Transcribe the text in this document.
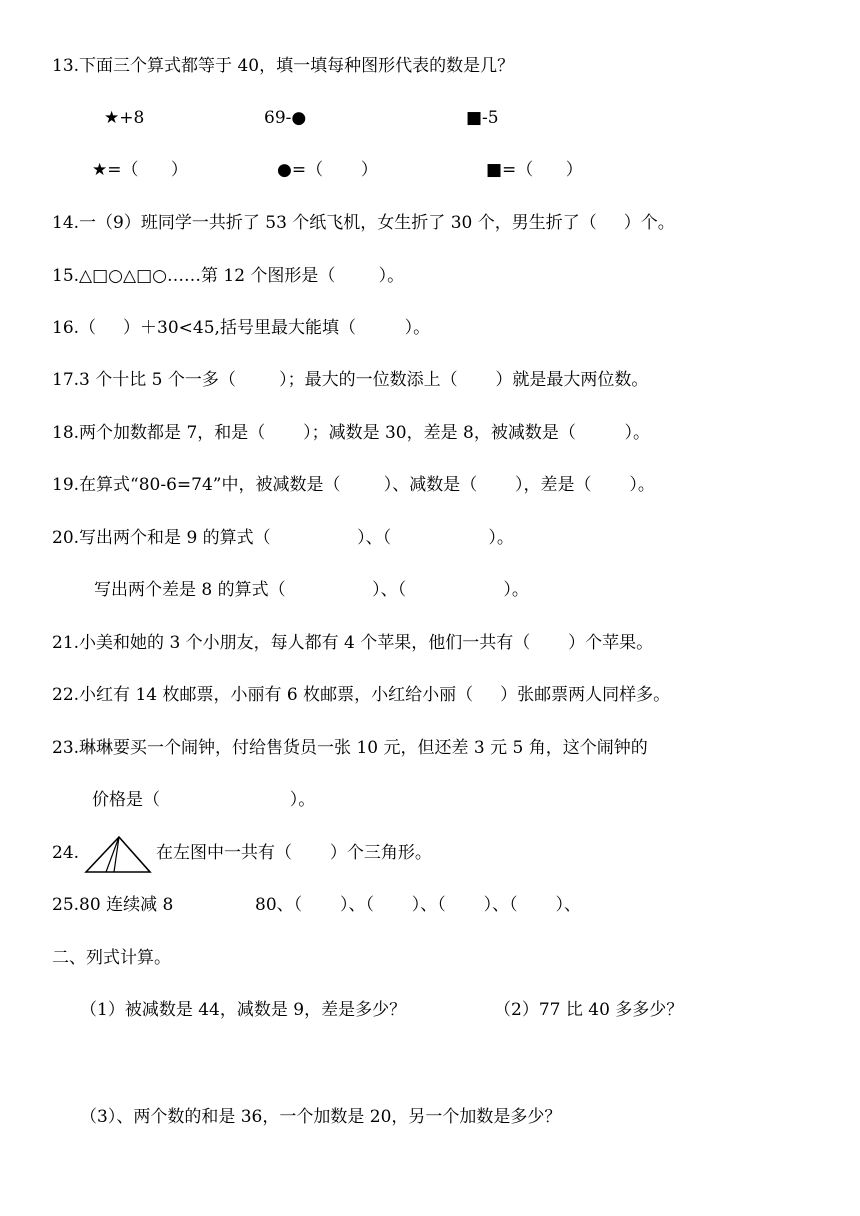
13.下面三个算式都等于 40，填一填每种图形代表的数是几？
★+8	69-●	■-5
★=（      ）	●=（       ）	■=（      ）
14.一（9）班同学一共折了 53 个纸飞机，女生折了 30 个，男生折了（     ）个。
15.△□○△□○……第 12 个图形是（        ）。
16.（     ）＋30<45,括号里最大能填（         ）。
17.3 个十比 5 个一多（        ）；最大的一位数添上（       ）就是最大两位数。
18.两个加数都是 7，和是（       ）；减数是 30，差是 8，被减数是（         ）。
19.在算式“80-6=74”中，被减数是（        ）、减数是（       ），差是（       ）。
20.写出两个和是 9 的算式（                ）、（                  ）。
写出两个差是 8 的算式（                ）、（                  ）。
21.小美和她的 3 个小朋友，每人都有 4 个苹果，他们一共有（       ）个苹果。
22.小红有 14 枚邮票，小丽有 6 枚邮票，小红给小丽（     ）张邮票两人同样多。
23.琳琳要买一个闹钟，付给售货员一张 10 元，但还差 3 元 5 角，这个闹钟的
价格是（                        ）。
24.	在左图中一共有（       ）个三角形。
25.80 连续减 8	80、（       ）、（       ）、（       ）、（       ）、
二、列式计算。
（1）被减数是 44，减数是 9，差是多少？	（2）77 比 40 多多少？
（3）、两个数的和是 36，一个加数是 20，另一个加数是多少？
